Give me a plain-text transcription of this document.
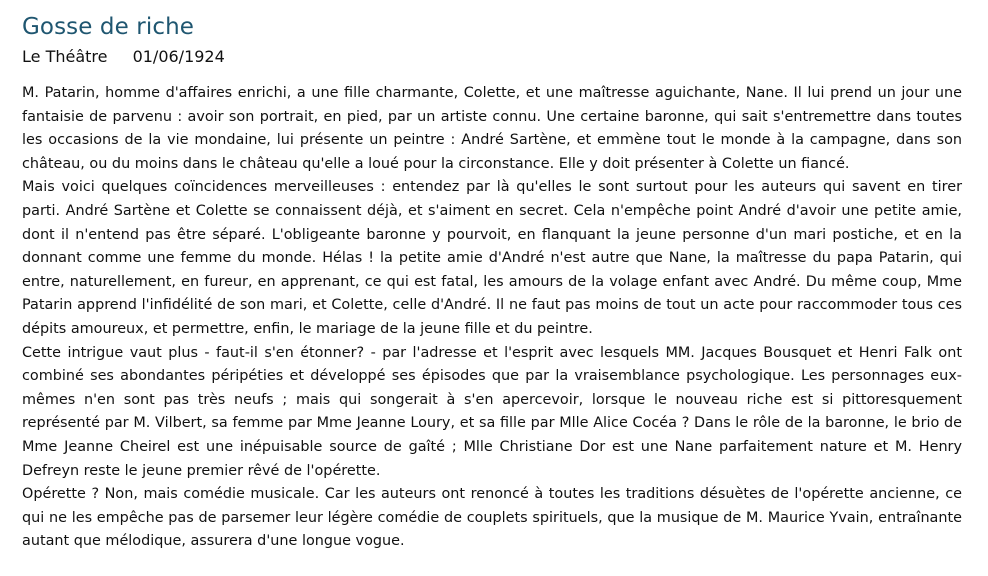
Gosse de riche
Le Théâtre 01/06/1924

M. Patarin, homme d'affaires enrichi, a une fille charmante, Colette, et une maîtresse aguichante, Nane. Il lui prend un jour une fantaisie de parvenu : avoir son portrait, en pied, par un artiste connu. Une certaine baronne, qui sait s'entremettre dans toutes les occasions de la vie mondaine, lui présente un peintre : André Sartène, et emmène tout le monde à la campagne, dans son château, ou du moins dans le château qu'elle a loué pour la circonstance. Elle y doit présenter à Colette un fiancé.

Mais voici quelques coïncidences merveilleuses : entendez par là qu'elles le sont surtout pour les auteurs qui savent en tirer parti. André Sartène et Colette se connaissent déjà, et s'aiment en secret. Cela n'empêche point André d'avoir une petite amie, dont il n'entend pas être séparé. L'obligeante baronne y pourvoit, en flanquant la jeune personne d'un mari postiche, et en la donnant comme une femme du monde. Hélas ! la petite amie d'André n'est autre que Nane, la maîtresse du papa Patarin, qui entre, naturellement, en fureur, en apprenant, ce qui est fatal, les amours de la volage enfant avec André. Du même coup, Mme Patarin apprend l'infidélité de son mari, et Colette, celle d'André. Il ne faut pas moins de tout un acte pour raccommoder tous ces dépits amoureux, et permettre, enfin, le mariage de la jeune fille et du peintre.

Cette intrigue vaut plus - faut-il s'en étonner? - par l'adresse et l'esprit avec lesquels MM. Jacques Bousquet et Henri Falk ont combiné ses abondantes péripéties et développé ses épisodes que par la vraisemblance psychologique. Les personnages eux-mêmes n'en sont pas très neufs ; mais qui songerait à s'en apercevoir, lorsque le nouveau riche est si pittoresquement représenté par M. Vilbert, sa femme par Mme Jeanne Loury, et sa fille par Mlle Alice Cocéa ? Dans le rôle de la baronne, le brio de Mme Jeanne Cheirel est une inépuisable source de gaîté ; Mlle Christiane Dor est une Nane parfaitement nature et M. Henry Defreyn reste le jeune premier rêvé de l'opérette.

Opérette ? Non, mais comédie musicale. Car les auteurs ont renoncé à toutes les traditions désuètes de l'opérette ancienne, ce qui ne les empêche pas de parsemer leur légère comédie de couplets spirituels, que la musique de M. Maurice Yvain, entraînante autant que mélodique, assurera d'une longue vogue.
